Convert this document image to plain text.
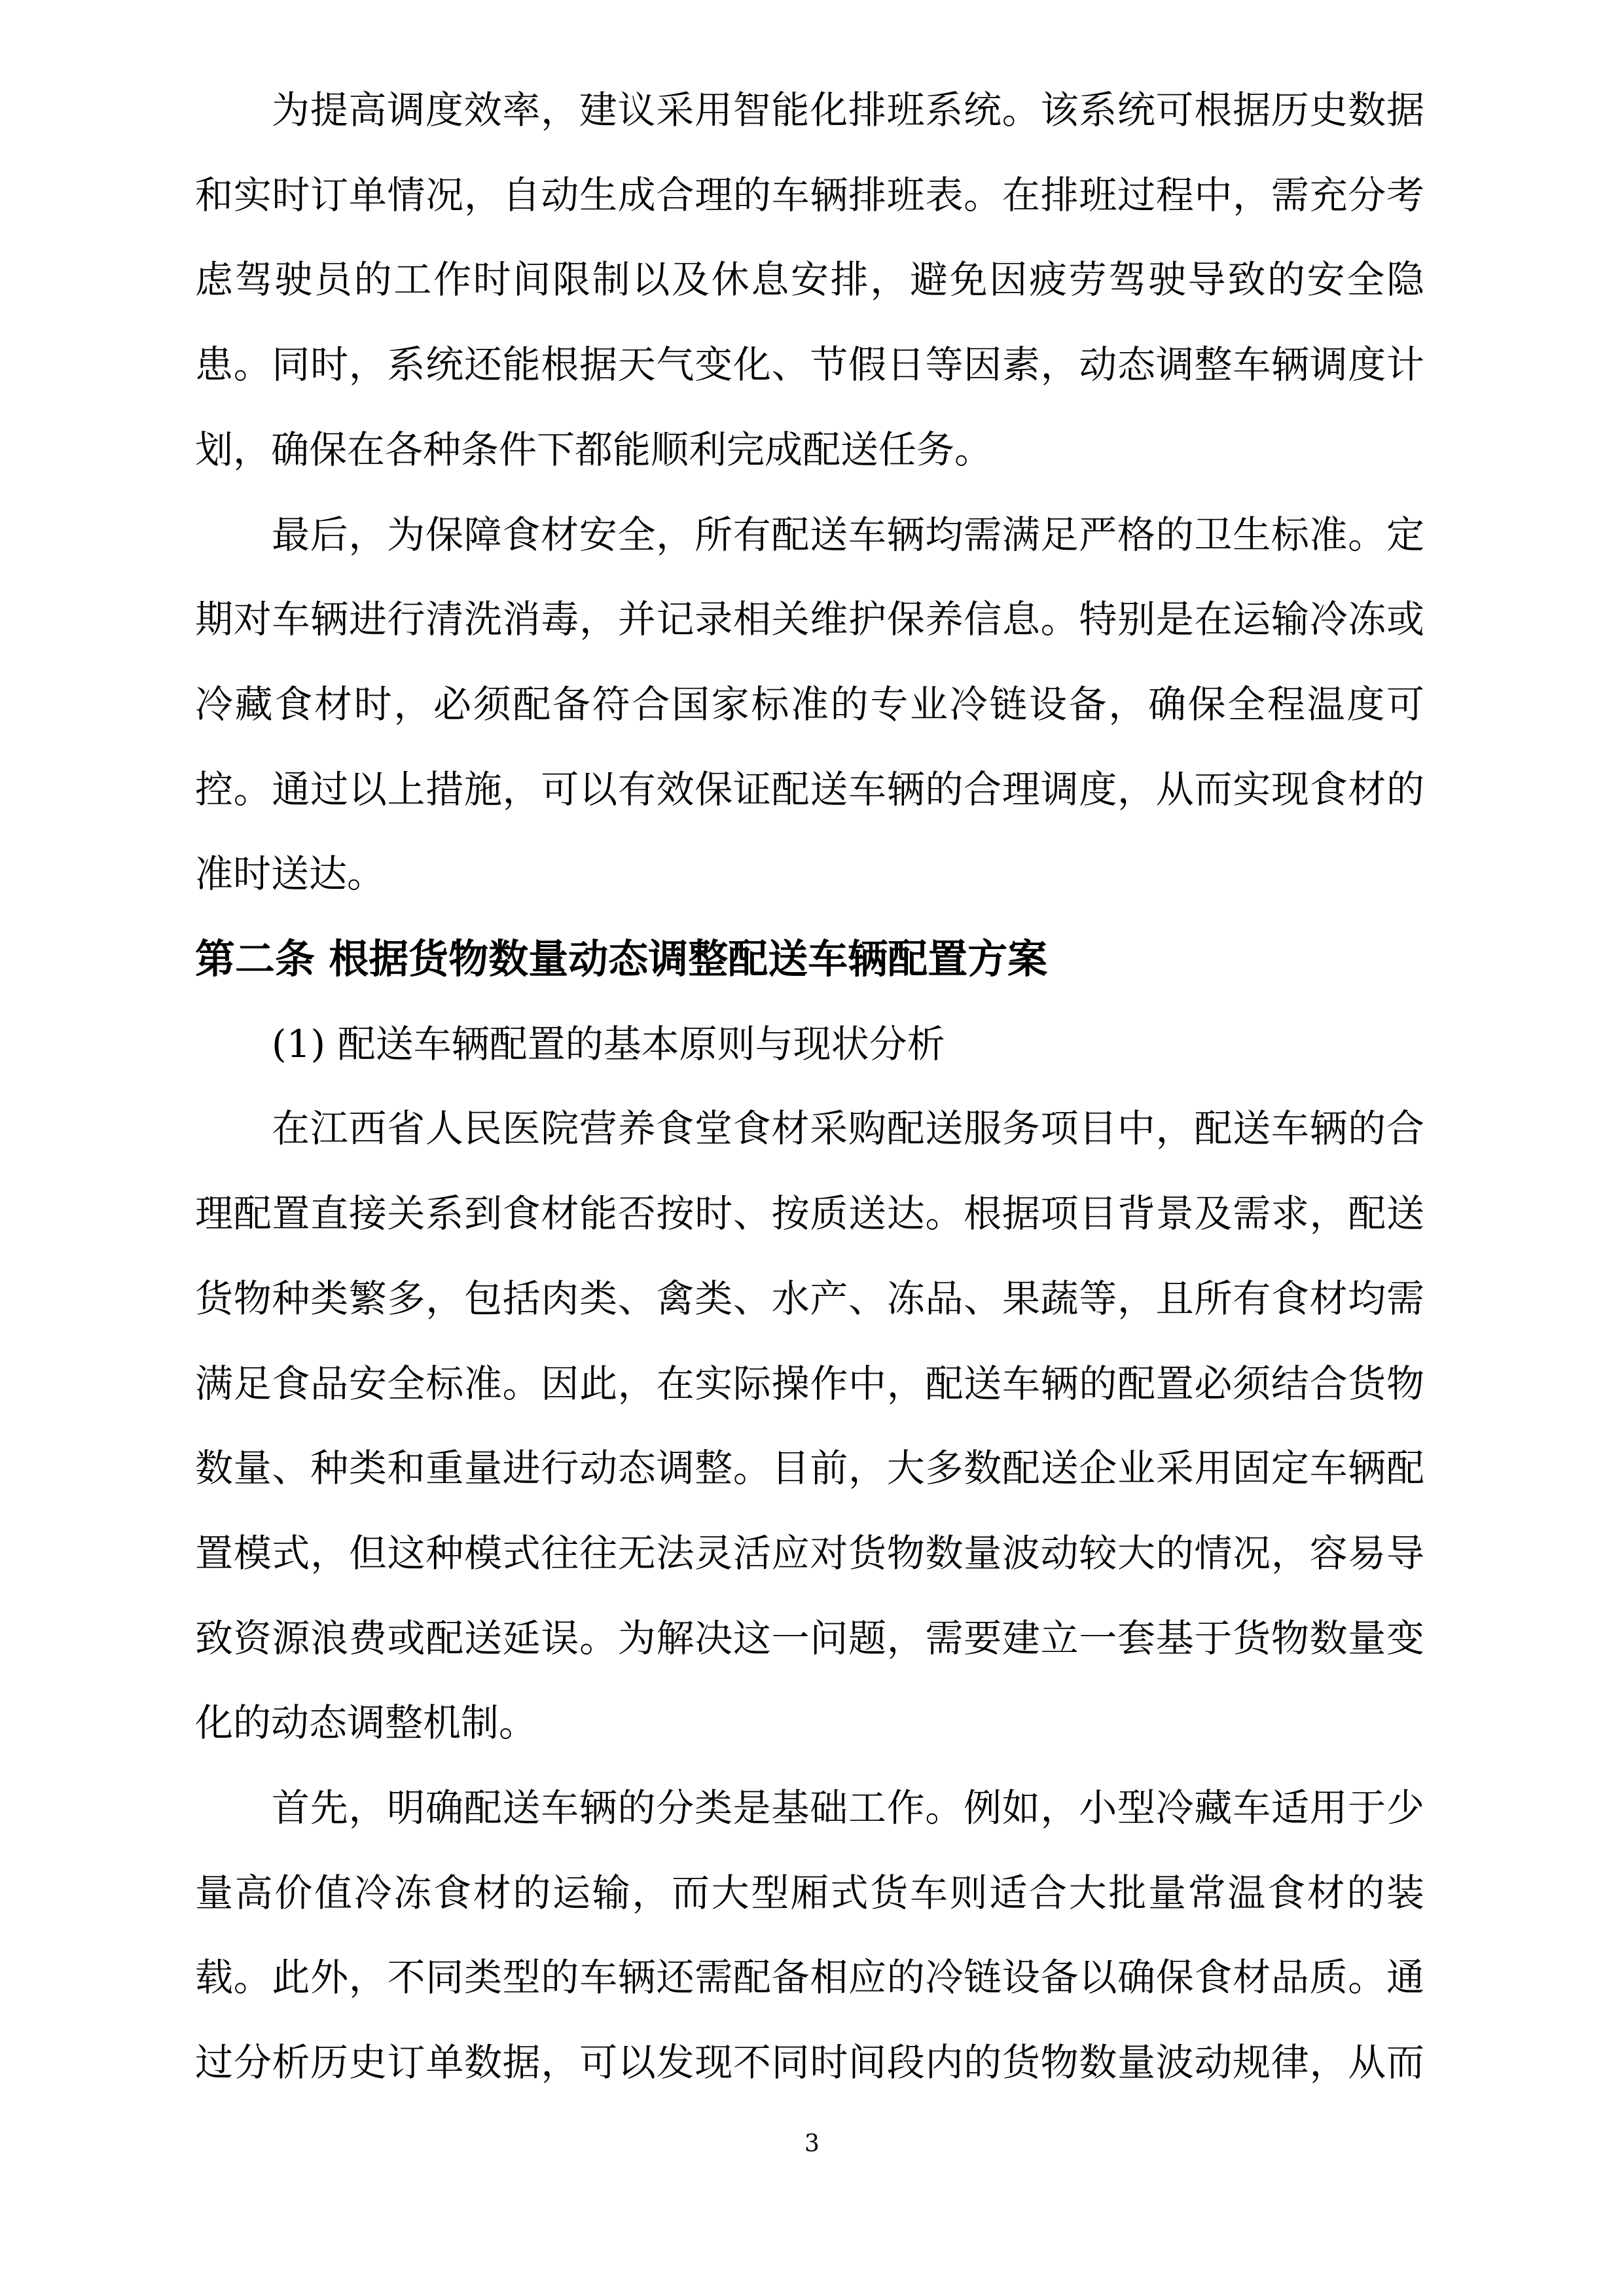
为提高调度效率，建议采用智能化排班系统。该系统可根据历史数据
和实时订单情况，自动生成合理的车辆排班表。在排班过程中，需充分考
虑驾驶员的工作时间限制以及休息安排，避免因疲劳驾驶导致的安全隐
患。同时，系统还能根据天气变化、节假日等因素，动态调整车辆调度计
划，确保在各种条件下都能顺利完成配送任务。
最后，为保障食材安全，所有配送车辆均需满足严格的卫生标准。定
期对车辆进行清洗消毒，并记录相关维护保养信息。特别是在运输冷冻或
冷藏食材时，必须配备符合国家标准的专业冷链设备，确保全程温度可
控。通过以上措施，可以有效保证配送车辆的合理调度，从而实现食材的
准时送达。
第二条 根据货物数量动态调整配送车辆配置方案
(1) 配送车辆配置的基本原则与现状分析
在江西省人民医院营养食堂食材采购配送服务项目中，配送车辆的合
理配置直接关系到食材能否按时、按质送达。根据项目背景及需求，配送
货物种类繁多，包括肉类、禽类、水产、冻品、果蔬等，且所有食材均需
满足食品安全标准。因此，在实际操作中，配送车辆的配置必须结合货物
数量、种类和重量进行动态调整。目前，大多数配送企业采用固定车辆配
置模式，但这种模式往往无法灵活应对货物数量波动较大的情况，容易导
致资源浪费或配送延误。为解决这一问题，需要建立一套基于货物数量变
化的动态调整机制。
首先，明确配送车辆的分类是基础工作。例如，小型冷藏车适用于少
量高价值冷冻食材的运输，而大型厢式货车则适合大批量常温食材的装
载。此外，不同类型的车辆还需配备相应的冷链设备以确保食材品质。通
过分析历史订单数据，可以发现不同时间段内的货物数量波动规律，从而
3
